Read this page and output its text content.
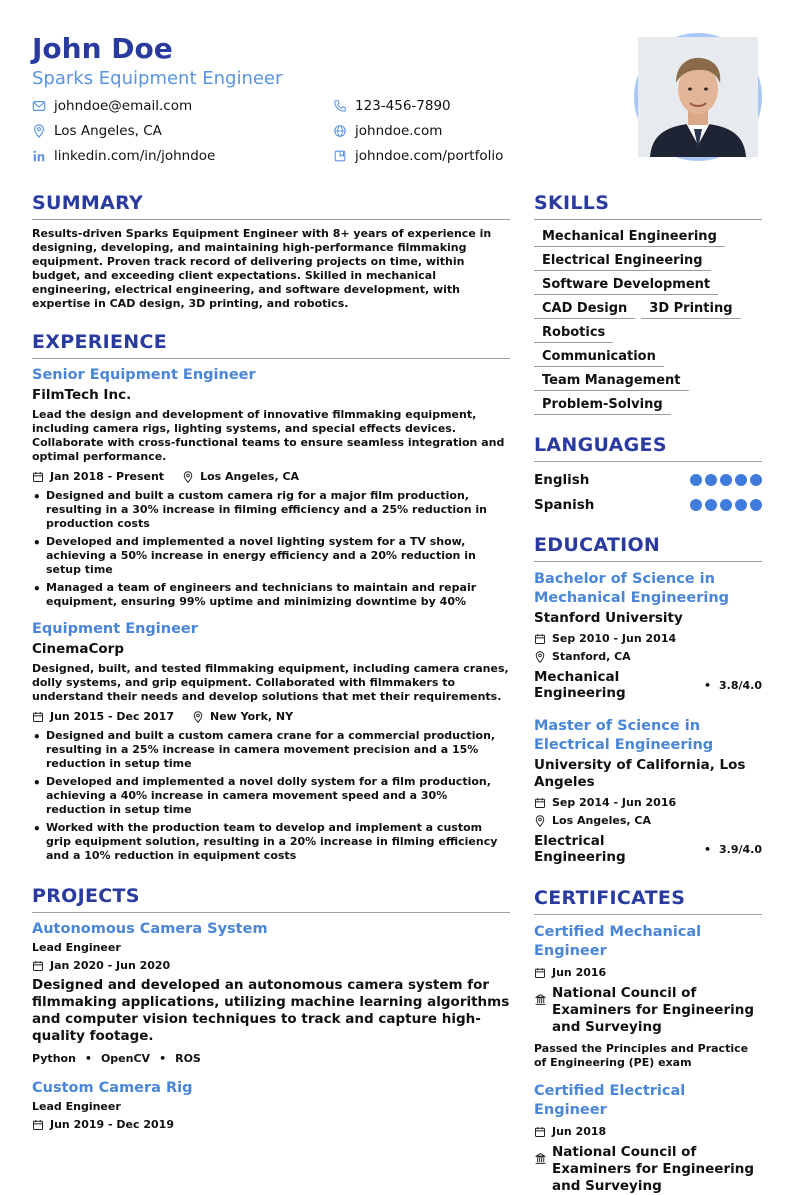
John Doe
Sparks Equipment Engineer
johndoe@email.com	123-456-7890
Los Angeles, CA	johndoe.com
linkedin.com/in/johndoe	johndoe.com/portfolio
SUMMARY
Results-driven Sparks Equipment Engineer with 8+ years of experience in designing, developing, and maintaining high-performance filmmaking equipment. Proven track record of delivering projects on time, within budget, and exceeding client expectations. Skilled in mechanical engineering, electrical engineering, and software development, with expertise in CAD design, 3D printing, and robotics.
EXPERIENCE
Senior Equipment Engineer
FilmTech Inc.
Lead the design and development of innovative filmmaking equipment, including camera rigs, lighting systems, and special effects devices. Collaborate with cross-functional teams to ensure seamless integration and optimal performance.
Jan 2018 - Present	Los Angeles, CA
• Designed and built a custom camera rig for a major film production, resulting in a 30% increase in filming efficiency and a 25% reduction in production costs
• Developed and implemented a novel lighting system for a TV show, achieving a 50% increase in energy efficiency and a 20% reduction in setup time
• Managed a team of engineers and technicians to maintain and repair equipment, ensuring 99% uptime and minimizing downtime by 40%
Equipment Engineer
CinemaCorp
Designed, built, and tested filmmaking equipment, including camera cranes, dolly systems, and grip equipment. Collaborated with filmmakers to understand their needs and develop solutions that met their requirements.
Jun 2015 - Dec 2017	New York, NY
• Designed and built a custom camera crane for a commercial production, resulting in a 25% increase in camera movement precision and a 15% reduction in setup time
• Developed and implemented a novel dolly system for a film production, achieving a 40% increase in camera movement speed and a 30% reduction in setup time
• Worked with the production team to develop and implement a custom grip equipment solution, resulting in a 20% increase in filming efficiency and a 10% reduction in equipment costs
PROJECTS
Autonomous Camera System
Lead Engineer
Jan 2020 - Jun 2020
Designed and developed an autonomous camera system for filmmaking applications, utilizing machine learning algorithms and computer vision techniques to track and capture high-quality footage.
Python • OpenCV • ROS
Custom Camera Rig
Lead Engineer
Jun 2019 - Dec 2019
SKILLS
Mechanical Engineering
Electrical Engineering
Software Development
CAD Design	3D Printing
Robotics
Communication
Team Management
Problem-Solving
LANGUAGES
English
Spanish
EDUCATION
Bachelor of Science in Mechanical Engineering
Stanford University
Sep 2010 - Jun 2014
Stanford, CA
Mechanical Engineering	• 3.8/4.0
Master of Science in Electrical Engineering
University of California, Los Angeles
Sep 2014 - Jun 2016
Los Angeles, CA
Electrical Engineering	• 3.9/4.0
CERTIFICATES
Certified Mechanical Engineer
Jun 2016
National Council of Examiners for Engineering and Surveying
Passed the Principles and Practice of Engineering (PE) exam
Certified Electrical Engineer
Jun 2018
National Council of Examiners for Engineering and Surveying
